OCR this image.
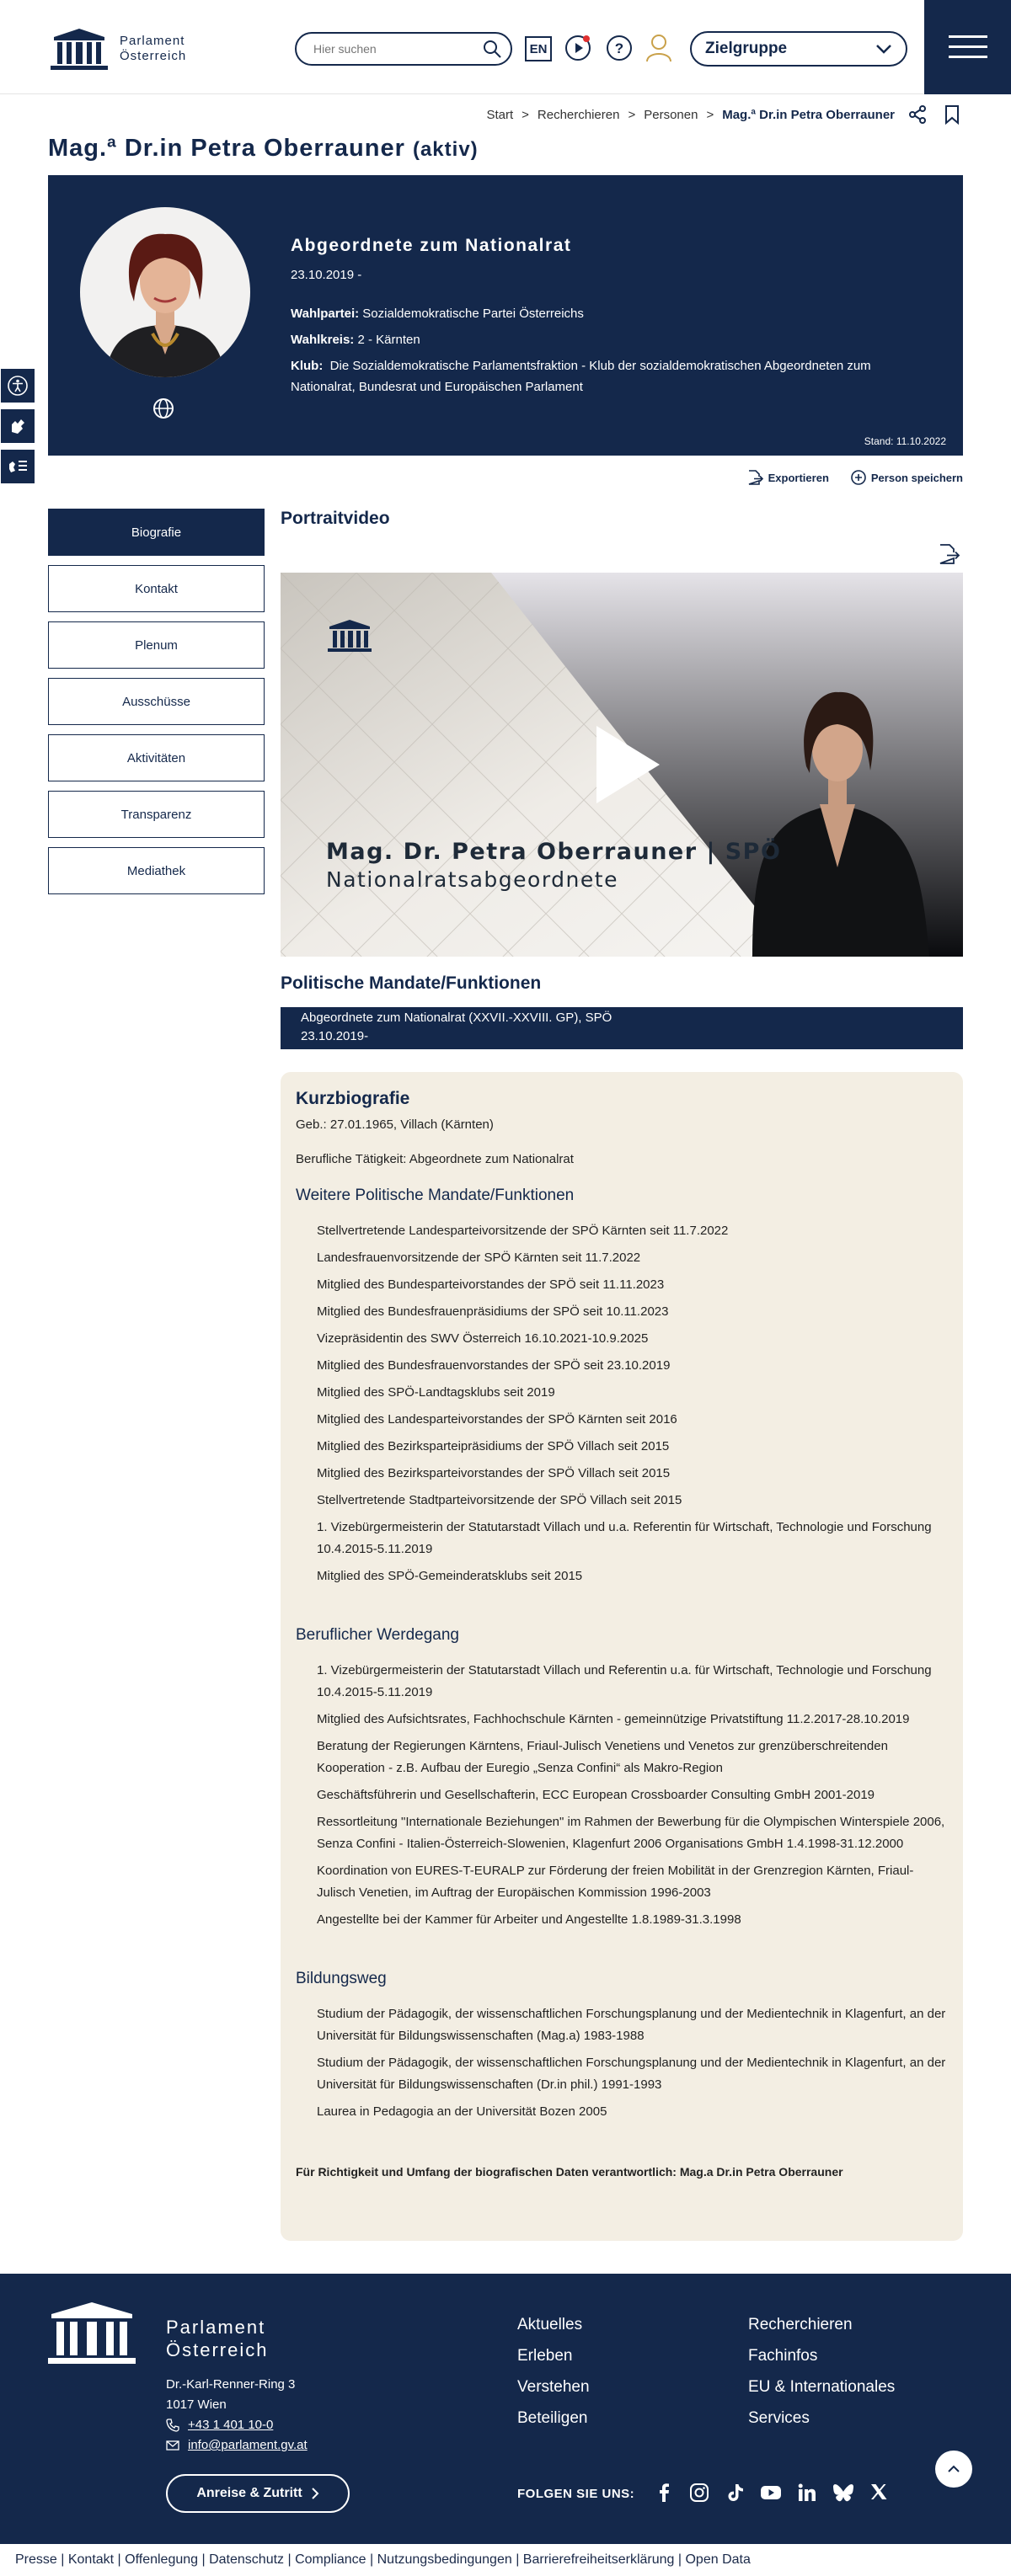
Parlament
Österreich
Hier suchen	EN	?	Zielgruppe
Start > Recherchieren > Personen > Mag.ª Dr.in Petra Oberrauner
Mag.ª Dr.in Petra Oberrauner (aktiv)
Abgeordnete zum Nationalrat
23.10.2019 -
Wahlpartei: Sozialdemokratische Partei Österreichs
Wahlkreis: 2 - Kärnten
Klub: Die Sozialdemokratische Parlamentsfraktion - Klub der sozialdemokratischen Abgeordneten zum Nationalrat, Bundesrat und Europäischen Parlament
Stand: 11.10.2022
Exportieren	Person speichern
Biografie
Kontakt
Plenum
Ausschüsse
Aktivitäten
Transparenz
Mediathek
Portraitvideo
Mag. Dr. Petra Oberrauner | SPÖ
Nationalratsabgeordnete
Politische Mandate/Funktionen
Abgeordnete zum Nationalrat (XXVII.-XXVIII. GP), SPÖ
23.10.2019-
Kurzbiografie
Geb.: 27.01.1965, Villach (Kärnten)
Berufliche Tätigkeit: Abgeordnete zum Nationalrat
Weitere Politische Mandate/Funktionen
Stellvertretende Landesparteivorsitzende der SPÖ Kärnten seit 11.7.2022
Landesfrauenvorsitzende der SPÖ Kärnten seit 11.7.2022
Mitglied des Bundesparteivorstandes der SPÖ seit 11.11.2023
Mitglied des Bundesfrauenpräsidiums der SPÖ seit 10.11.2023
Vizepräsidentin des SWV Österreich 16.10.2021-10.9.2025
Mitglied des Bundesfrauenvorstandes der SPÖ seit 23.10.2019
Mitglied des SPÖ-Landtagsklubs seit 2019
Mitglied des Landesparteivorstandes der SPÖ Kärnten seit 2016
Mitglied des Bezirksparteipräsidiums der SPÖ Villach seit 2015
Mitglied des Bezirksparteivorstandes der SPÖ Villach seit 2015
Stellvertretende Stadtparteivorsitzende der SPÖ Villach seit 2015
1. Vizebürgermeisterin der Statutarstadt Villach und u.a. Referentin für Wirtschaft, Technologie und Forschung 10.4.2015-5.11.2019
Mitglied des SPÖ-Gemeinderatsklubs seit 2015
Beruflicher Werdegang
1. Vizebürgermeisterin der Statutarstadt Villach und Referentin u.a. für Wirtschaft, Technologie und Forschung 10.4.2015-5.11.2019
Mitglied des Aufsichtsrates, Fachhochschule Kärnten - gemeinnützige Privatstiftung 11.2.2017-28.10.2019
Beratung der Regierungen Kärntens, Friaul-Julisch Venetiens und Venetos zur grenzüberschreitenden Kooperation - z.B. Aufbau der Euregio „Senza Confini“ als Makro-Region
Geschäftsführerin und Gesellschafterin, ECC European Crossboarder Consulting GmbH 2001-2019
Ressortleitung "Internationale Beziehungen" im Rahmen der Bewerbung für die Olympischen Winterspiele 2006, Senza Confini - Italien-Österreich-Slowenien, Klagenfurt 2006 Organisations GmbH 1.4.1998-31.12.2000
Koordination von EURES-T-EURALP zur Förderung der freien Mobilität in der Grenzregion Kärnten, Friaul-Julisch Venetien, im Auftrag der Europäischen Kommission 1996-2003
Angestellte bei der Kammer für Arbeiter und Angestellte 1.8.1989-31.3.1998
Bildungsweg
Studium der Pädagogik, der wissenschaftlichen Forschungsplanung und der Medientechnik in Klagenfurt, an der Universität für Bildungswissenschaften (Mag.a) 1983-1988
Studium der Pädagogik, der wissenschaftlichen Forschungsplanung und der Medientechnik in Klagenfurt, an der Universität für Bildungswissenschaften (Dr.in phil.) 1991-1993
Laurea in Pedagogia an der Universität Bozen 2005
Für Richtigkeit und Umfang der biografischen Daten verantwortlich: Mag.a Dr.in Petra Oberrauner
Parlament
Österreich
Dr.-Karl-Renner-Ring 3
1017 Wien
+43 1 401 10-0
info@parlament.gv.at
Anreise & Zutritt
Aktuelles
Erleben
Verstehen
Beteiligen
Recherchieren
Fachinfos
EU & Internationales
Services
FOLGEN SIE UNS:
Presse | Kontakt | Offenlegung | Datenschutz | Compliance | Nutzungsbedingungen | Barrierefreiheitserklärung | Open Data
